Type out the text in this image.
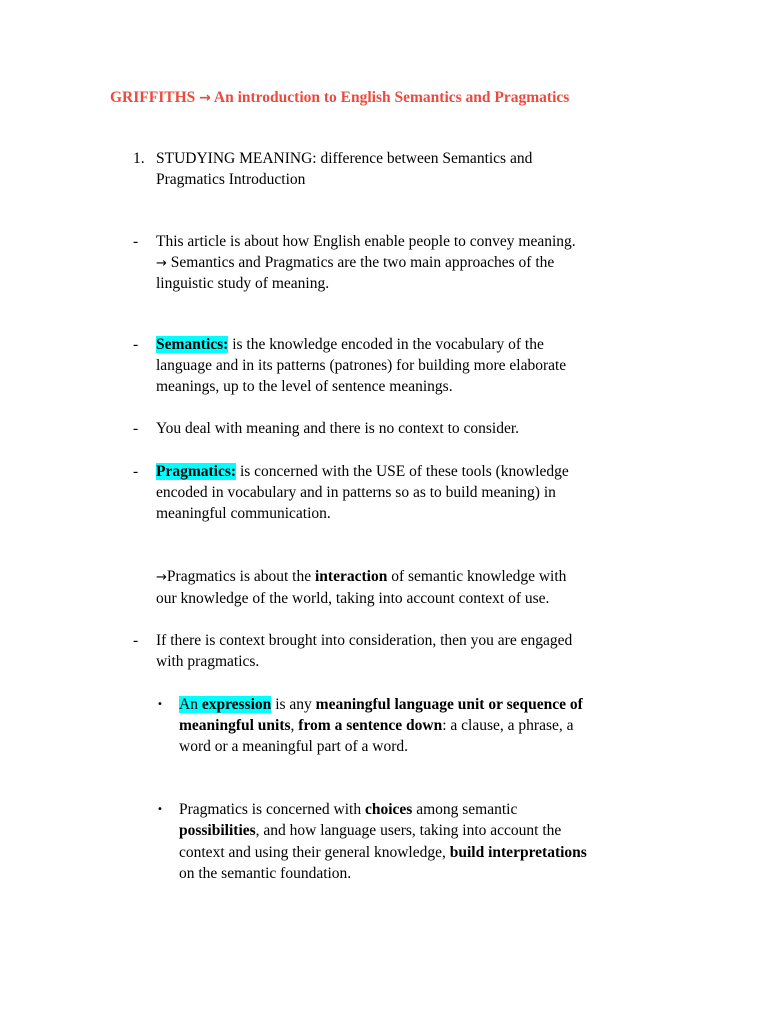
GRIFFITHS → An introduction to English Semantics and Pragmatics
1. STUDYING MEANING: difference between Semantics and
Pragmatics Introduction
- This article is about how English enable people to convey meaning.
→ Semantics and Pragmatics are the two main approaches of the
linguistic study of meaning.
- Semantics: is the knowledge encoded in the vocabulary of the
language and in its patterns (patrones) for building more elaborate
meanings, up to the level of sentence meanings.
- You deal with meaning and there is no context to consider.
- Pragmatics: is concerned with the USE of these tools (knowledge
encoded in vocabulary and in patterns so as to build meaning) in
meaningful communication.
→Pragmatics is about the interaction of semantic knowledge with
our knowledge of the world, taking into account context of use.
- If there is context brought into consideration, then you are engaged
with pragmatics.
• An expression is any meaningful language unit or sequence of
meaningful units, from a sentence down: a clause, a phrase, a
word or a meaningful part of a word.
• Pragmatics is concerned with choices among semantic
possibilities, and how language users, taking into account the
context and using their general knowledge, build interpretations
on the semantic foundation.
